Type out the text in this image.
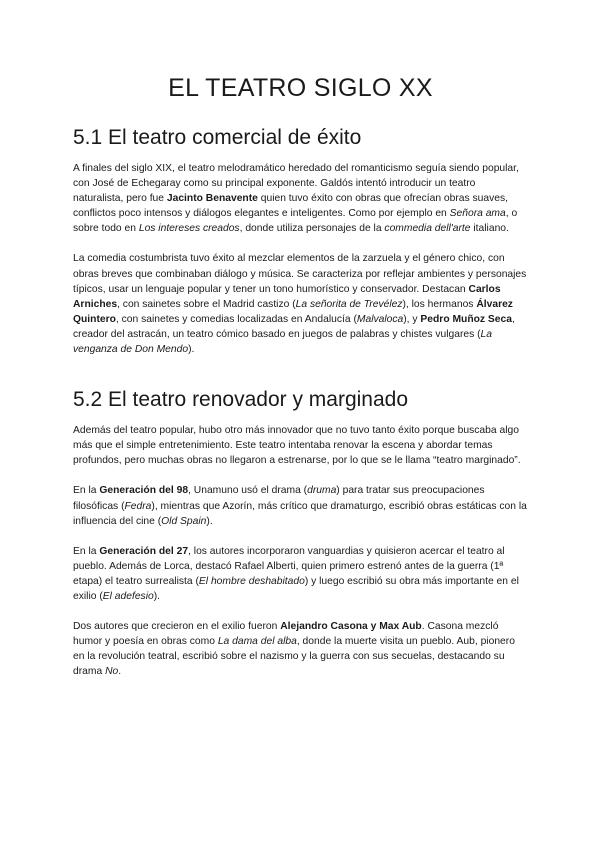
EL TEATRO SIGLO XX
5.1 El teatro comercial de éxito

A finales del siglo XIX, el teatro melodramático heredado del romanticismo seguía siendo popular, con José de Echegaray como su principal exponente. Galdós intentó introducir un teatro naturalista, pero fue Jacinto Benavente quien tuvo éxito con obras que ofrecían obras suaves, conflictos poco intensos y diálogos elegantes e inteligentes. Como por ejemplo en Señora ama, o sobre todo en Los intereses creados, donde utiliza personajes de la commedia dell'arte italiano.

La comedia costumbrista tuvo éxito al mezclar elementos de la zarzuela y el género chico, con obras breves que combinaban diálogo y música. Se caracteriza por reflejar ambientes y personajes típicos, usar un lenguaje popular y tener un tono humorístico y conservador. Destacan Carlos Arniches, con sainetes sobre el Madrid castizo (La señorita de Trevélez), los hermanos Álvarez Quintero, con sainetes y comedias localizadas en Andalucía (Malvaloca), y Pedro Muñoz Seca, creador del astracán, un teatro cómico basado en juegos de palabras y chistes vulgares (La venganza de Don Mendo).

5.2 El teatro renovador y marginado

Además del teatro popular, hubo otro más innovador que no tuvo tanto éxito porque buscaba algo más que el simple entretenimiento. Este teatro intentaba renovar la escena y abordar temas profundos, pero muchas obras no llegaron a estrenarse, por lo que se le llama “teatro marginado”.

En la Generación del 98, Unamuno usó el drama (druma) para tratar sus preocupaciones filosóficas (Fedra), mientras que Azorín, más crítico que dramaturgo, escribió obras estáticas con la influencia del cine (Old Spain).

En la Generación del 27, los autores incorporaron vanguardias y quisieron acercar el teatro al pueblo. Además de Lorca, destacó Rafael Alberti, quien primero estrenó antes de la guerra (1ª etapa) el teatro surrealista (El hombre deshabitado) y luego escribió su obra más importante en el exilio (El adefesio).

Dos autores que crecieron en el exilio fueron Alejandro Casona y Max Aub. Casona mezcló humor y poesía en obras como La dama del alba, donde la muerte visita un pueblo. Aub, pionero en la revolución teatral, escribió sobre el nazismo y la guerra con sus secuelas, destacando su drama No.
